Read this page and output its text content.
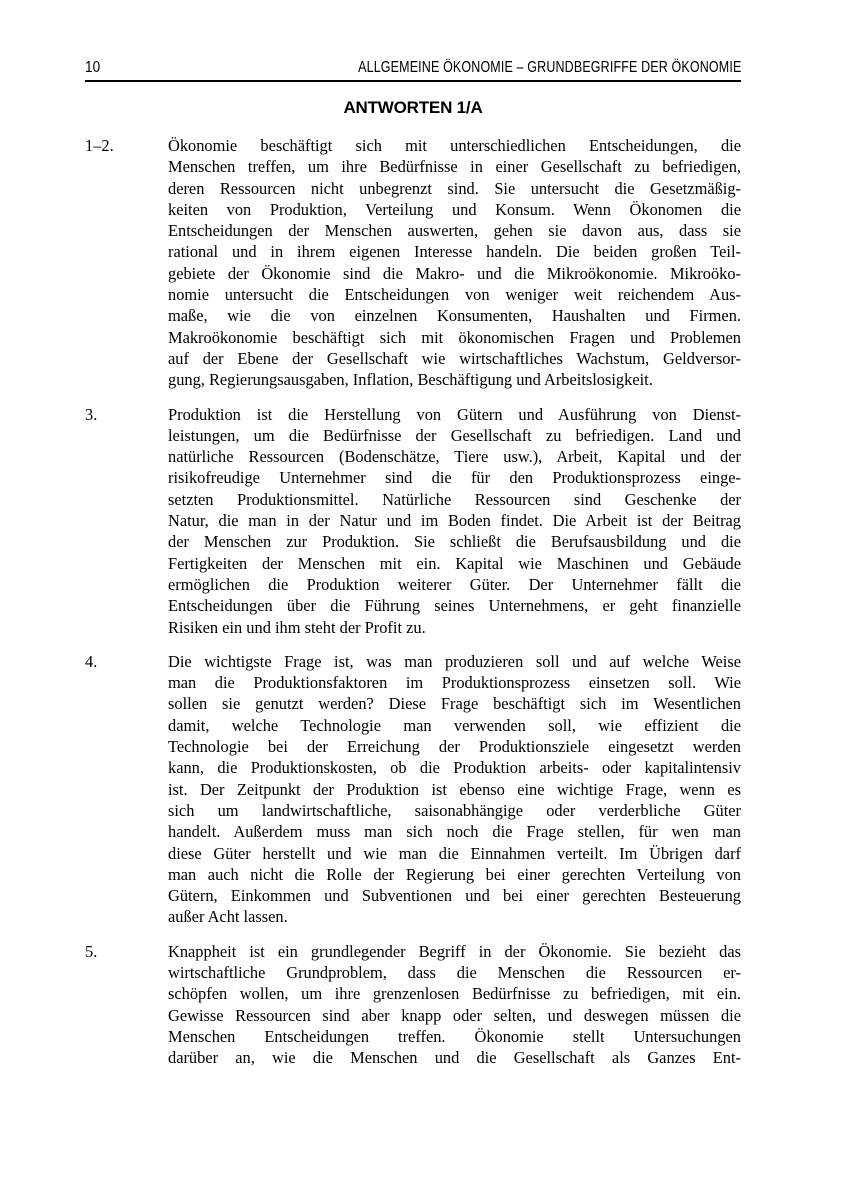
10	ALLGEMEINE ÖKONOMIE – GRUNDBEGRIFFE DER ÖKONOMIE
ANTWORTEN 1/A
1–2.	Ökonomie beschäftigt sich mit unterschiedlichen Entscheidungen, die
Menschen treffen, um ihre Bedürfnisse in einer Gesellschaft zu befriedigen,
deren Ressourcen nicht unbegrenzt sind. Sie untersucht die Gesetzmäßig-
keiten von Produktion, Verteilung und Konsum. Wenn Ökonomen die
Entscheidungen der Menschen auswerten, gehen sie davon aus, dass sie
rational und in ihrem eigenen Interesse handeln. Die beiden großen Teil-
gebiete der Ökonomie sind die Makro- und die Mikroökonomie. Mikroöko-
nomie untersucht die Entscheidungen von weniger weit reichendem Aus-
maße, wie die von einzelnen Konsumenten, Haushalten und Firmen.
Makroökonomie beschäftigt sich mit ökonomischen Fragen und Problemen
auf der Ebene der Gesellschaft wie wirtschaftliches Wachstum, Geldversor-
gung, Regierungsausgaben, Inflation, Beschäftigung und Arbeitslosigkeit.
3.	Produktion ist die Herstellung von Gütern und Ausführung von Dienst-
leistungen, um die Bedürfnisse der Gesellschaft zu befriedigen. Land und
natürliche Ressourcen (Bodenschätze, Tiere usw.), Arbeit, Kapital und der
risikofreudige Unternehmer sind die für den Produktionsprozess einge-
setzten Produktionsmittel. Natürliche Ressourcen sind Geschenke der
Natur, die man in der Natur und im Boden findet. Die Arbeit ist der Beitrag
der Menschen zur Produktion. Sie schließt die Berufsausbildung und die
Fertigkeiten der Menschen mit ein. Kapital wie Maschinen und Gebäude
ermöglichen die Produktion weiterer Güter. Der Unternehmer fällt die
Entscheidungen über die Führung seines Unternehmens, er geht finanzielle
Risiken ein und ihm steht der Profit zu.
4.	Die wichtigste Frage ist, was man produzieren soll und auf welche Weise
man die Produktionsfaktoren im Produktionsprozess einsetzen soll. Wie
sollen sie genutzt werden? Diese Frage beschäftigt sich im Wesentlichen
damit, welche Technologie man verwenden soll, wie effizient die
Technologie bei der Erreichung der Produktionsziele eingesetzt werden
kann, die Produktionskosten, ob die Produktion arbeits- oder kapitalintensiv
ist. Der Zeitpunkt der Produktion ist ebenso eine wichtige Frage, wenn es
sich um landwirtschaftliche, saisonabhängige oder verderbliche Güter
handelt. Außerdem muss man sich noch die Frage stellen, für wen man
diese Güter herstellt und wie man die Einnahmen verteilt. Im Übrigen darf
man auch nicht die Rolle der Regierung bei einer gerechten Verteilung von
Gütern, Einkommen und Subventionen und bei einer gerechten Besteuerung
außer Acht lassen.
5.	Knappheit ist ein grundlegender Begriff in der Ökonomie. Sie bezieht das
wirtschaftliche Grundproblem, dass die Menschen die Ressourcen er-
schöpfen wollen, um ihre grenzenlosen Bedürfnisse zu befriedigen, mit ein.
Gewisse Ressourcen sind aber knapp oder selten, und deswegen müssen die
Menschen Entscheidungen treffen. Ökonomie stellt Untersuchungen
darüber an, wie die Menschen und die Gesellschaft als Ganzes Ent-
